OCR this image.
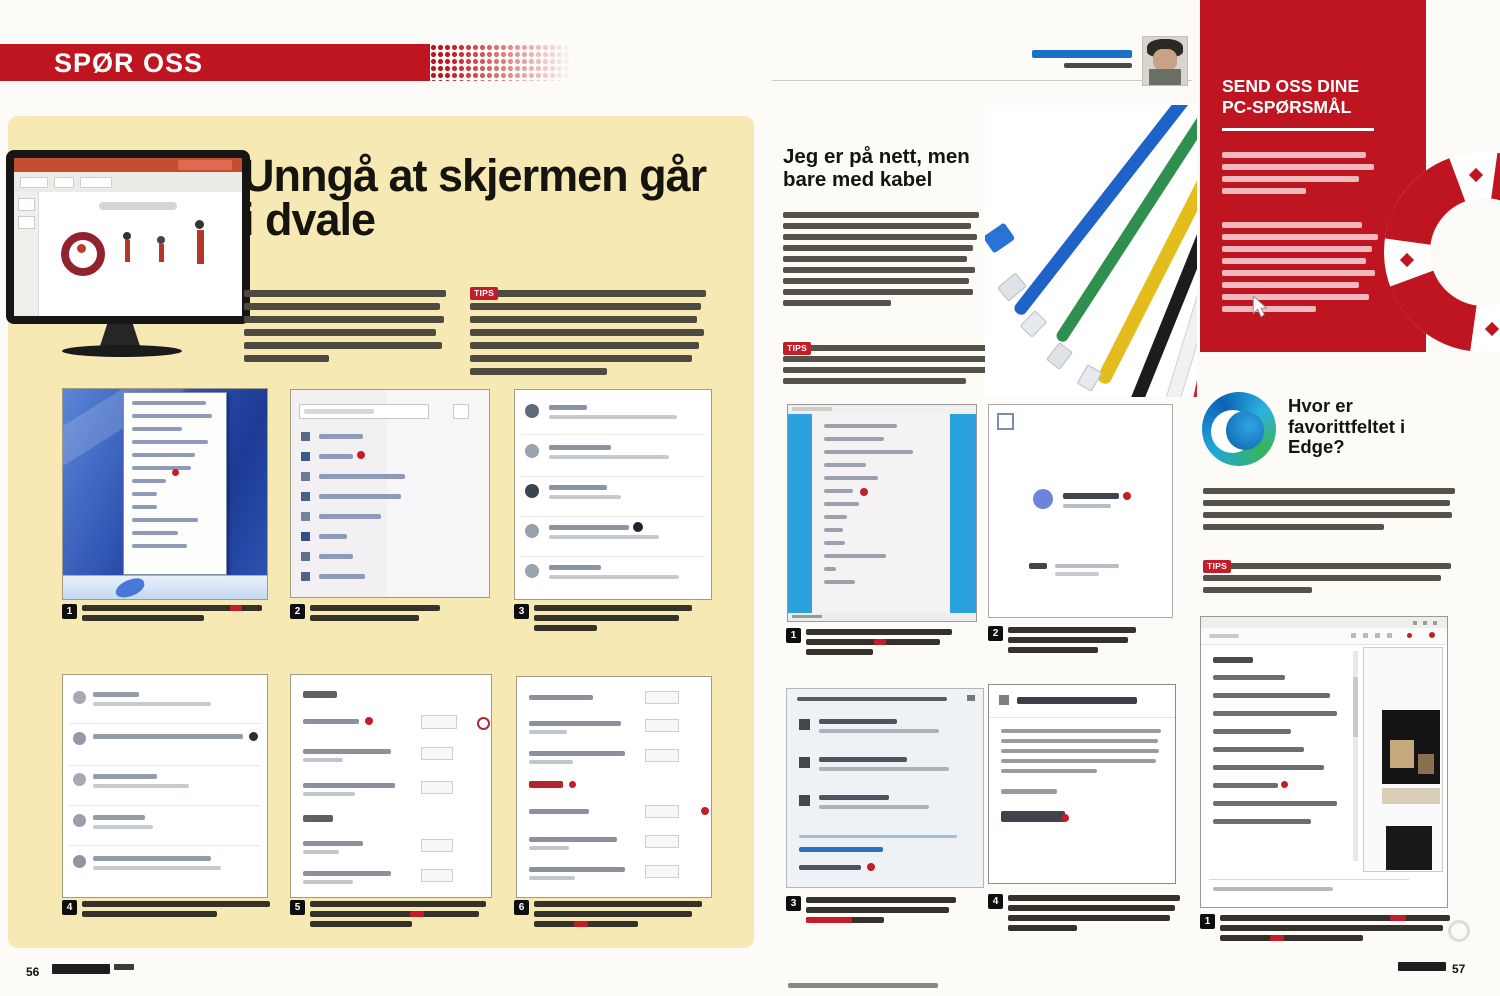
SPØR OSS
Unngå at skjermen går i dvale
TIPS
1	2	3
4	5	6
56
Jeg er på nett, men bare med kabel
TIPS
1	2
3	4
SEND OSS DINE PC-SPØRSMÅL
Hvor er favorittfeltet i Edge?
TIPS
1
57
